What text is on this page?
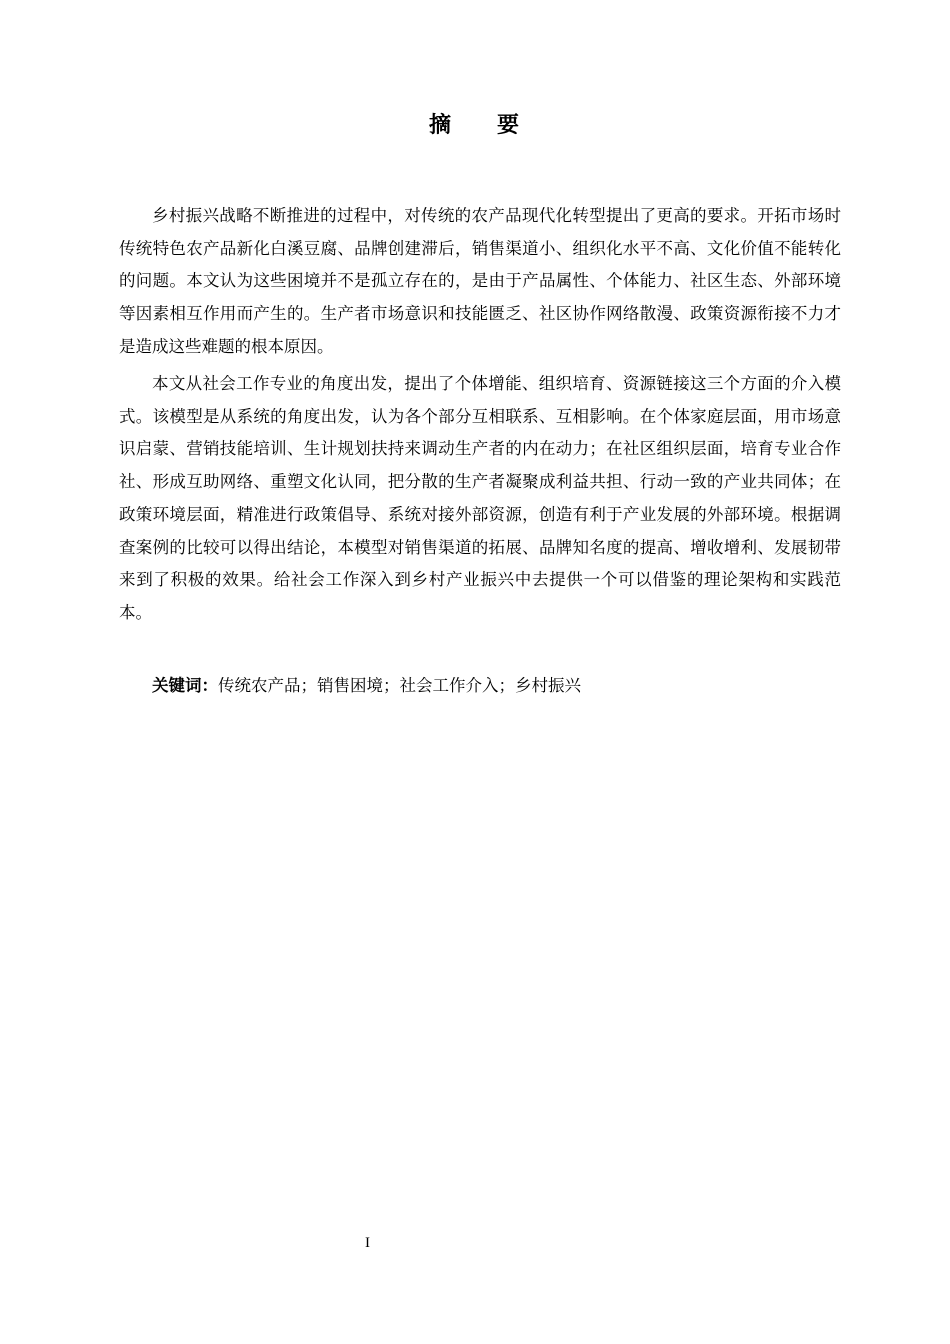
摘 要

乡村振兴战略不断推进的过程中，对传统的农产品现代化转型提出了更高的要求。开拓市场时传统特色农产品新化白溪豆腐、品牌创建滞后，销售渠道小、组织化水平不高、文化价值不能转化的问题。本文认为这些困境并不是孤立存在的，是由于产品属性、个体能力、社区生态、外部环境等因素相互作用而产生的。生产者市场意识和技能匮乏、社区协作网络散漫、政策资源衔接不力才是造成这些难题的根本原因。

本文从社会工作专业的角度出发，提出了个体增能、组织培育、资源链接这三个方面的介入模式。该模型是从系统的角度出发，认为各个部分互相联系、互相影响。在个体家庭层面，用市场意识启蒙、营销技能培训、生计规划扶持来调动生产者的内在动力；在社区组织层面，培育专业合作社、形成互助网络、重塑文化认同，把分散的生产者凝聚成利益共担、行动一致的产业共同体；在政策环境层面，精准进行政策倡导、系统对接外部资源，创造有利于产业发展的外部环境。根据调查案例的比较可以得出结论，本模型对销售渠道的拓展、品牌知名度的提高、增收增利、发展韧带来到了积极的效果。给社会工作深入到乡村产业振兴中去提供一个可以借鉴的理论架构和实践范本。

关键词：传统农产品；销售困境；社会工作介入；乡村振兴
I
